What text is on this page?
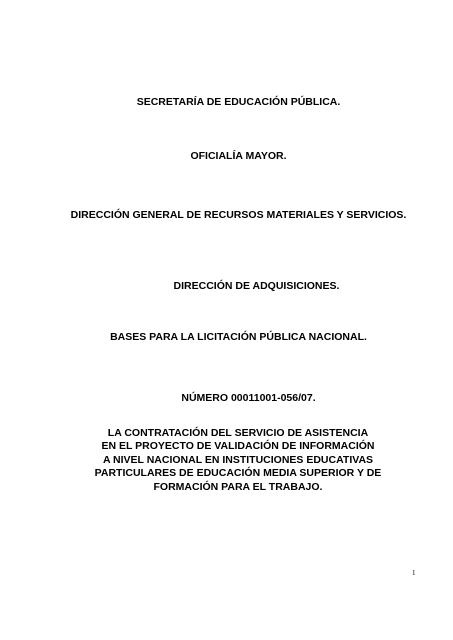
SECRETARÍA DE EDUCACIÓN PÚBLICA.
OFICIALÍA MAYOR.
DIRECCIÓN GENERAL DE RECURSOS MATERIALES Y SERVICIOS.
DIRECCIÓN DE ADQUISICIONES.
BASES PARA LA LICITACIÓN PÚBLICA NACIONAL.
NÚMERO 00011001-056/07.
LA CONTRATACIÓN DEL SERVICIO DE ASISTENCIA
EN EL PROYECTO DE VALIDACIÓN DE INFORMACIÓN
A NIVEL NACIONAL EN INSTITUCIONES EDUCATIVAS
PARTICULARES DE EDUCACIÓN MEDIA SUPERIOR Y DE
FORMACIÓN PARA EL TRABAJO.
1
